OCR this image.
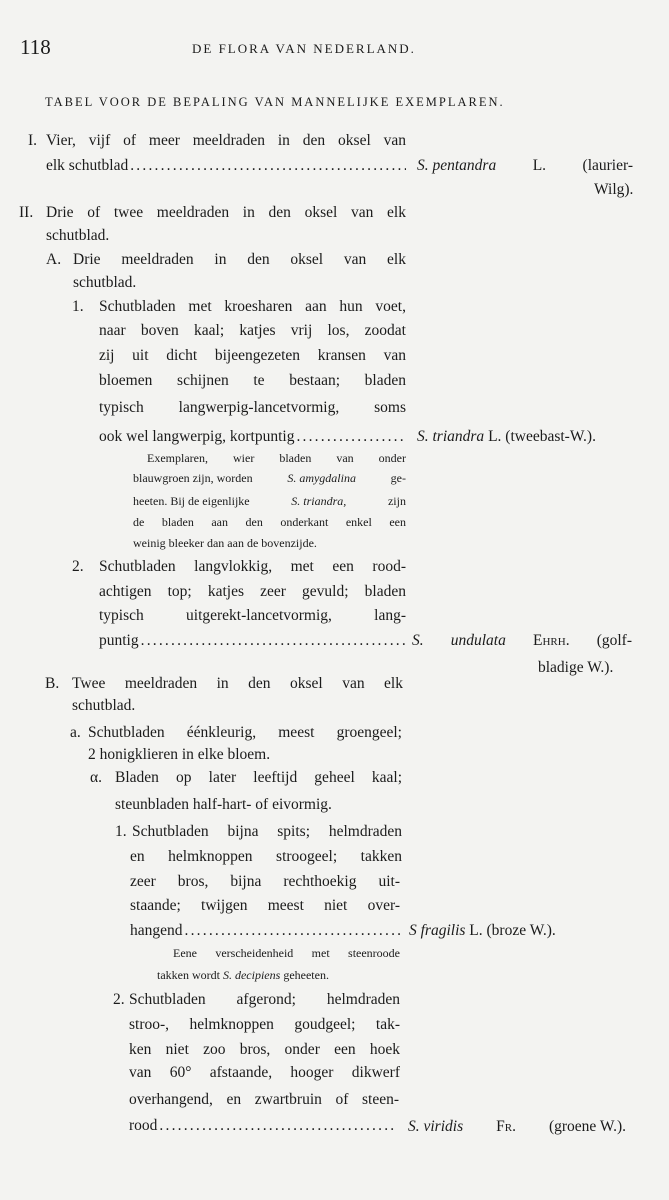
118	DE FLORA VAN NEDERLAND.
TABEL VOOR DE BEPALING VAN MANNELIJKE EXEMPLAREN.
I. Vier, vijf of meer meeldraden in den oksel van
elk schutblad .....	S. pentandra L. (laurier-
Wilg).
II. Drie of twee meeldraden in den oksel van elk
schutblad.
A. Drie meeldraden in den oksel van elk
schutblad.
1. Schutbladen met kroesharen aan hun voet,
naar boven kaal; katjes vrij los, zoodat
zij uit dicht bijeengezeten kransen van
bloemen schijnen te bestaan; bladen
typisch langwerpig-lancetvormig, soms
ook wel langwerpig, kortpuntig .....	S. triandra L. (tweebast-W.).
Exemplaren, wier bladen van onder
blauwgroen zijn, worden	S. amygdalina	ge-
heeten. Bij de eigenlijke	S. triandra,	zijn
de bladen aan den onderkant enkel een
weinig bleeker dan aan de bovenzijde.
2. Schutbladen langvlokkig, met een rood-
achtigen top; katjes zeer gevuld; bladen
typisch uitgerekt-lancetvormig, lang-
puntig .....	S. undulata Ehrh. (golf-
bladige W.).
B. Twee meeldraden in den oksel van elk
schutblad.
a. Schutbladen éénkleurig, meest groengeel;
2 honigklieren in elke bloem.
α. Bladen op later leeftijd geheel kaal;
steunbladen half-hart- of eivormig.
1. Schutbladen bijna spits; helmdraden
en helmknoppen stroogeel; takken
zeer bros, bijna rechthoekig uit-
staande; twijgen meest niet over-
hangend .....	S fragilis L. (broze W.).
Eene verscheidenheid met steenroode
takken wordt S. decipiens geheeten.
2. Schutbladen afgerond; helmdraden
stroo-, helmknoppen goudgeel; tak-
ken niet zoo bros, onder een hoek
van 60° afstaande, hooger dikwerf
overhangend, en zwartbruin of steen-
rood .....	S. viridis Fr. (groene W.).
